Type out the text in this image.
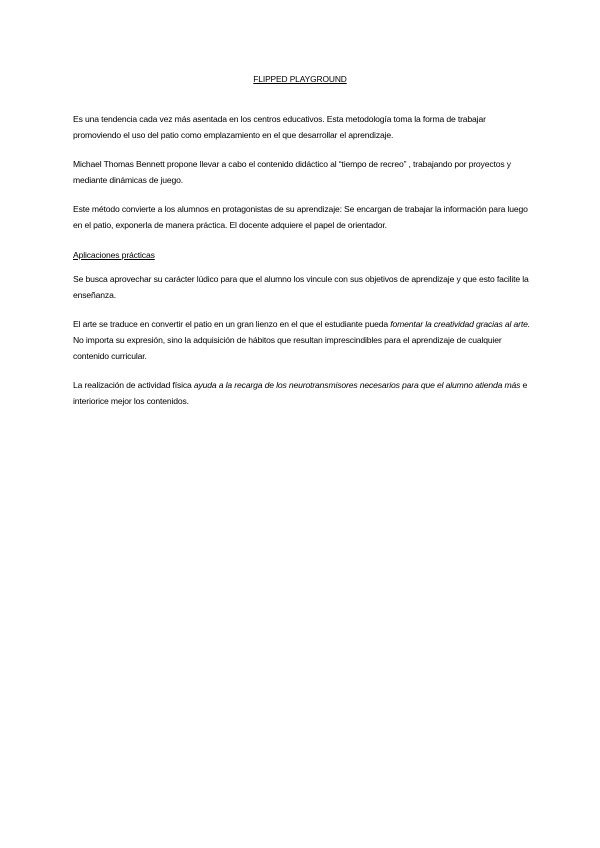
FLIPPED PLAYGROUND

Es una tendencia cada vez más asentada en los centros educativos. Esta metodología toma la forma de trabajar promoviendo el uso del patio como emplazamiento en el que desarrollar el aprendizaje.

Michael Thomas Bennett propone llevar a cabo el contenido didáctico al “tiempo de recreo” , trabajando por proyectos y mediante dinámicas de juego.

Este método convierte a los alumnos en protagonistas de su aprendizaje: Se encargan de trabajar la información para luego en el patio, exponerla de manera práctica. El docente adquiere el papel de orientador.

Aplicaciones prácticas

Se busca aprovechar su carácter lúdico para que el alumno los vincule con sus objetivos de aprendizaje y que esto facilite la enseñanza.

El arte se traduce en convertir el patio en un gran lienzo en el que el estudiante pueda fomentar la creatividad gracias al arte. No importa su expresión, sino la adquisición de hábitos que resultan imprescindibles para el aprendizaje de cualquier contenido curricular.

La realización de actividad física ayuda a la recarga de los neurotransmisores necesarios para que el alumno atienda más e interiorice mejor los contenidos.
